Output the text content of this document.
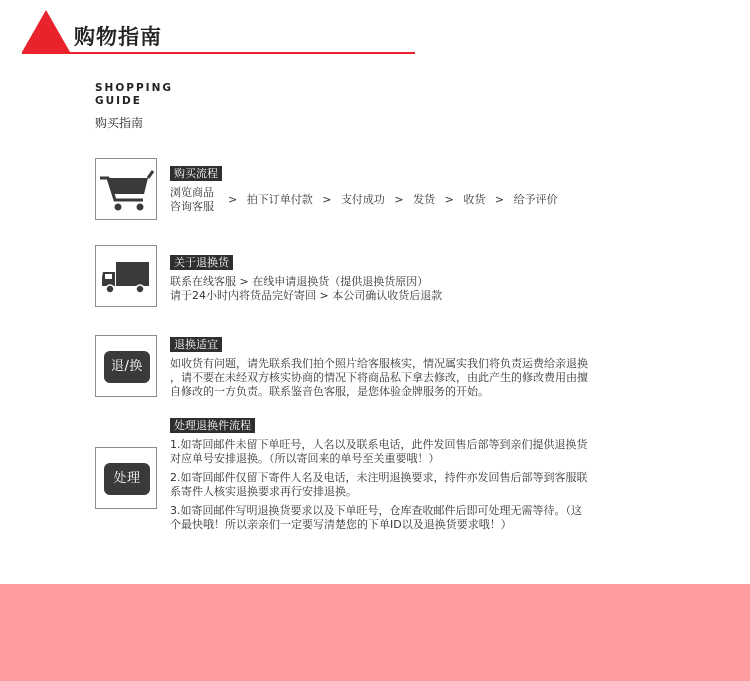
购物指南
SHOPPING
GUIDE
购买指南
购买流程
浏览商品
咨询客服
> 拍下订单付款 > 支付成功 > 发货 > 收货 > 给予评价
关于退换货
联系在线客服 > 在线申请退换货（提供退换货原因）
请于24小时内将货品完好寄回 > 本公司确认收货后退款
退/换
退换适宜
如收货有问题，请先联系我们拍个照片给客服核实，情况属实我们将负责运费给亲退换
，请不要在未经双方核实协商的情况下将商品私下拿去修改，由此产生的修改费用由擅
自修改的一方负责。联系鉴音色客服，是您体验金牌服务的开始。
处理
处理退换件流程
1.如寄回邮件未留下单旺号，人名以及联系电话，此件发回售后部等到亲们提供退换货
对应单号安排退换。（所以寄回来的单号至关重要哦！）
2.如寄回邮件仅留下寄件人名及电话，未注明退换要求，持件亦发回售后部等到客服联
系寄件人核实退换要求再行安排退换。
3.如寄回邮件写明退换货要求以及下单旺号，仓库查收邮件后即可处理无需等待。（这
个最快哦！所以亲亲们一定要写清楚您的下单ID以及退换货要求哦！）
